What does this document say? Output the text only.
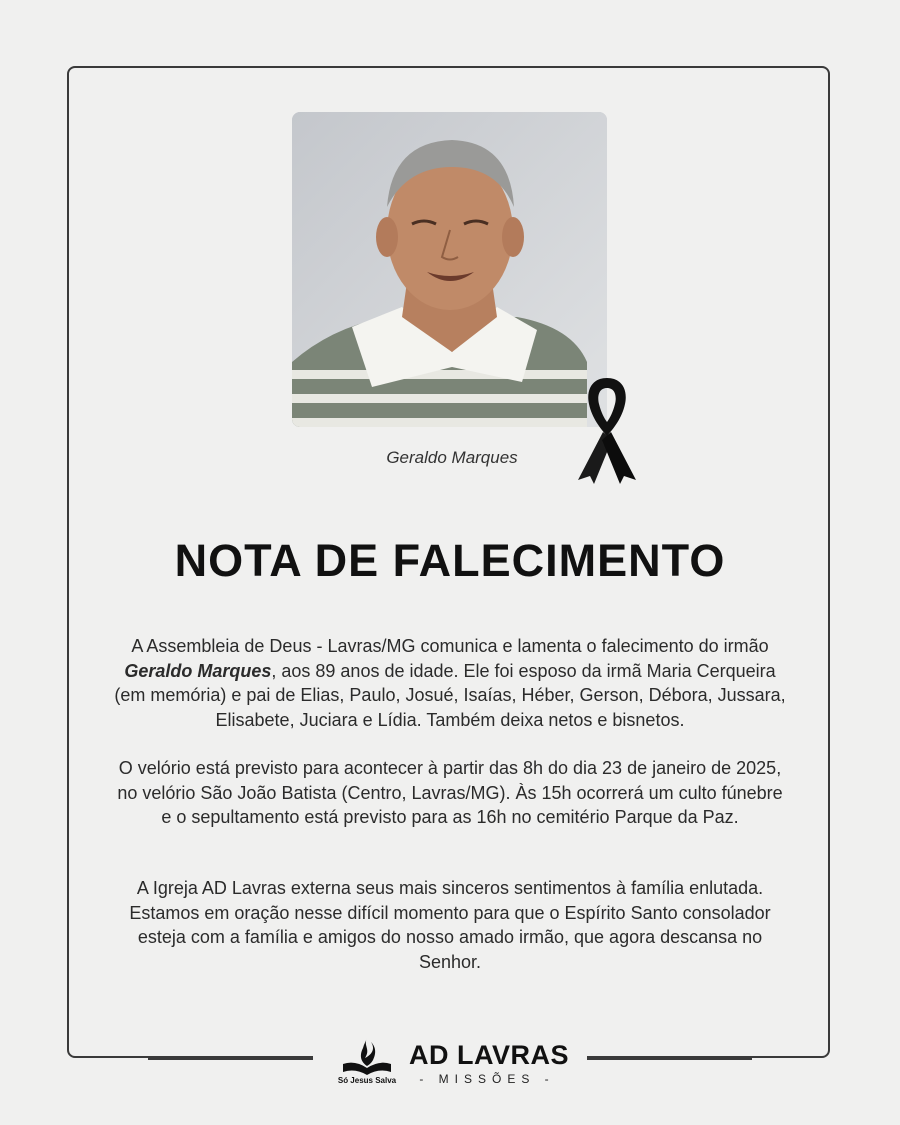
Geraldo Marques
NOTA DE FALECIMENTO
A Assembleia de Deus - Lavras/MG comunica e lamenta o falecimento do irmão Geraldo Marques, aos 89 anos de idade. Ele foi esposo da irmã Maria Cerqueira (em memória) e pai de Elias, Paulo, Josué, Isaías, Héber, Gerson, Débora, Jussara, Elisabete, Juciara e Lídia. Também deixa netos e bisnetos.
O velório está previsto para acontecer à partir das 8h do dia 23 de janeiro de 2025, no velório São João Batista (Centro, Lavras/MG). Às 15h ocorrerá um culto fúnebre e o sepultamento está previsto para as 16h no cemitério Parque da Paz.
A Igreja AD Lavras externa seus mais sinceros sentimentos à família enlutada. Estamos em oração nesse difícil momento para que o Espírito Santo consolador esteja com a família e amigos do nosso amado irmão, que agora descansa no Senhor.
Só Jesus Salva
AD LAVRAS
- MISSÕES -
